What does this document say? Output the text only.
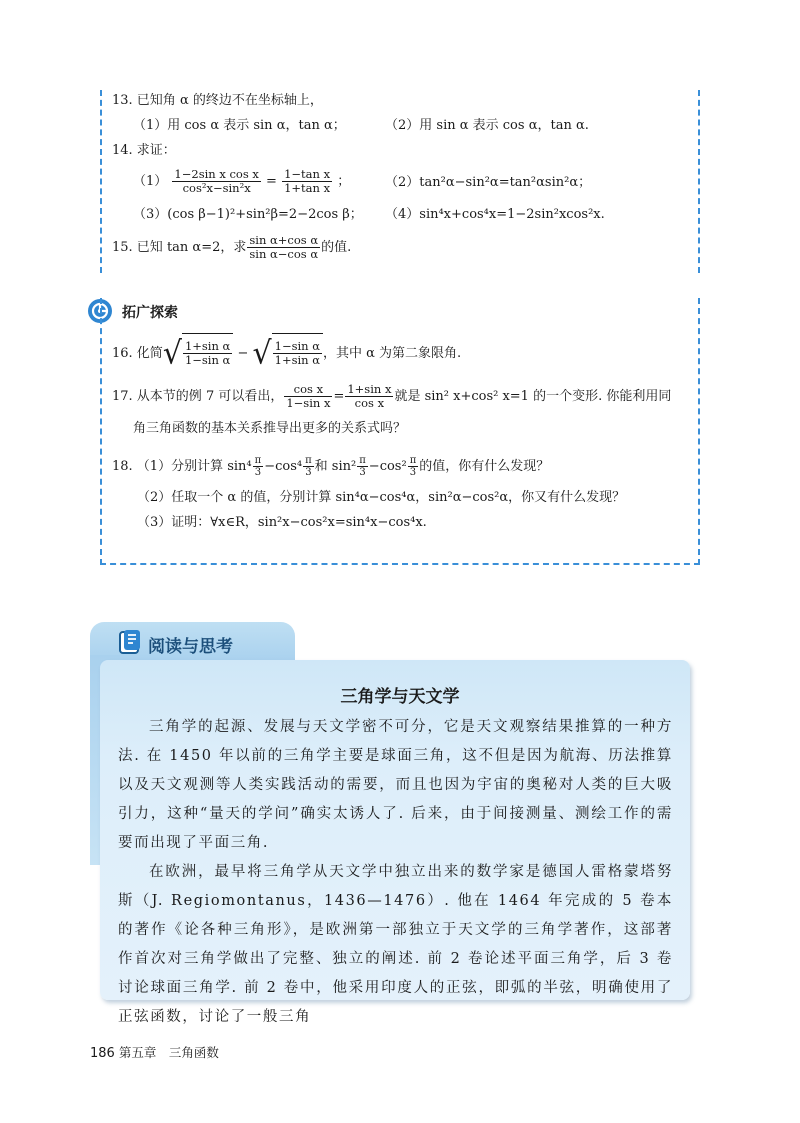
13. 已知角 α 的终边不在坐标轴上，
（1）用 cos α 表示 sin α，tan α；	（2）用 sin α 表示 cos α，tan α.
14. 求证：
$(1) \frac{\text{1−2sin x cos x}}{\text{cos²x−sin²x}} = \frac{\text{1−tan x}}{\text{1+tan x}}$ ；	（2）tan²α−sin²α=tan²αsin²α；
（3）(cos β−1)²+sin²β=2−2cos β； （4）sin⁴x+cos⁴x=1−2sin²xcos²x.
15. 已知 tan α=2，求 $\frac{\text{sin α+cos α}}{\text{sin α−cos α}}$ 的值.
拓广探索
16. 化简√ $\frac{\text{1+sin α}}{\text{1−sin α}}$ − √ $\frac{\text{1−sin α}}{\text{1+sin α}}$ ，其中 α 为第二象限角.
17. 从本节的例 7 可以看出， $\frac{\text{cos x}}{\text{1−sin x}} = \frac{\text{1+sin x}}{\text{cos x}}$ 就是 sin² x+cos² x=1 的一个变形. 你能利用同
角三角函数的基本关系推导出更多的关系式吗？
18. （1）分别计算 $\sin^4 \frac{\pi}{3} -\cos^4 \frac{\pi}{3}$ 和 $\sin^2 \frac{\pi}{3} -\cos^2 \frac{\pi}{3}$ 的值，你有什么发现？
（2）任取一个 α 的值，分别计算 sin⁴α−cos⁴α，sin²α−cos²α，你又有什么发现？
（3）证明：∀x∈R，sin²x−cos²x=sin⁴x−cos⁴x.
阅读与思考
三角学与天文学
三角学的起源、发展与天文学密不可分，它是天文观察结果推算的一种方法. 在 1450 年以前的三角学主要是球面三角，这不但是因为航海、历法推算以及天文观测等人类实践活动的需要，而且也因为宇宙的奥秘对人类的巨大吸引力，这种“量天的学问”确实太诱人了. 后来，由于间接测量、测绘工作的需要而出现了平面三角.
在欧洲，最早将三角学从天文学中独立出来的数学家是德国人雷格蒙塔努斯（J. Regiomontanus，1436—1476）. 他在 1464 年完成的 5 卷本的著作《论各种三角形》，是欧洲第一部独立于天文学的三角学著作，这部著作首次对三角学做出了完整、独立的阐述. 前 2 卷论述平面三角学，后 3 卷讨论球面三角学. 前 2 卷中，他采用印度人的正弦，即弧的半弦，明确使用了正弦函数，讨论了一般三角
186 第五章　三角函数
